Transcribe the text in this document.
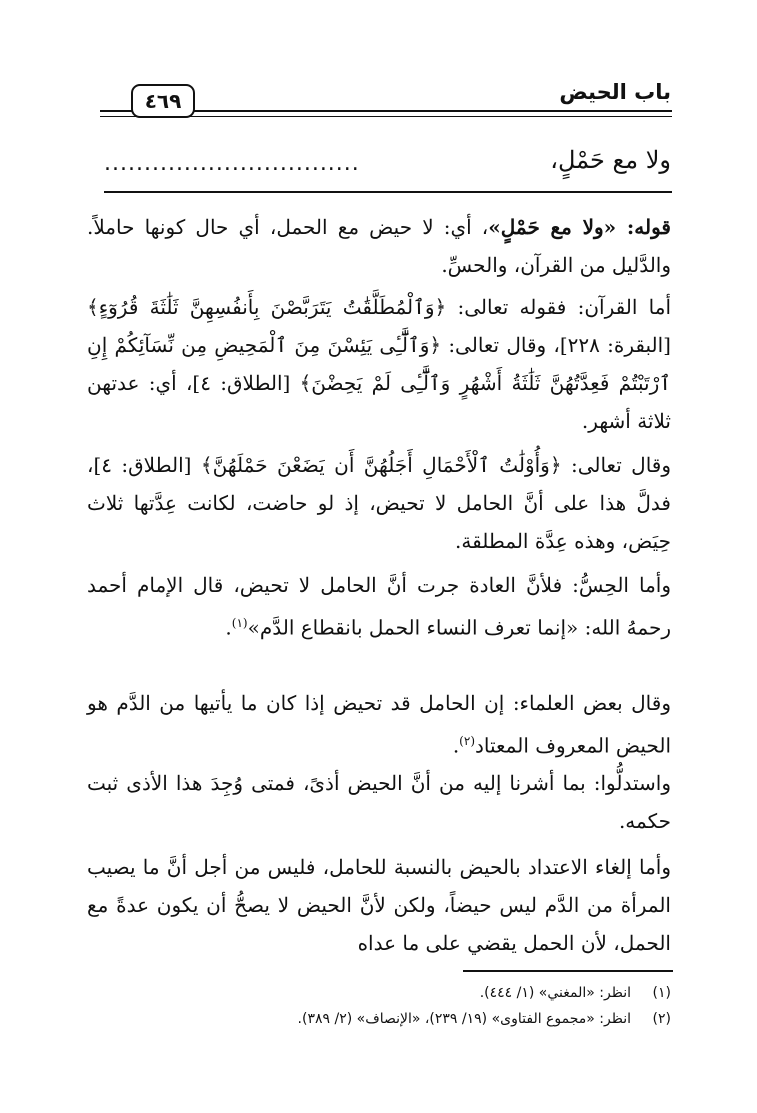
باب الحيض
٤٦٩
ولا مع حَمْلٍ،
................................
قوله: «ولا مع حَمْلٍ»، أي: لا حيض مع الحمل، أي حال كونها حاملاً. والدَّليل من القرآن، والحسِّ.
أما القرآن: فقوله تعالى: ﴿وَٱلْمُطَلَّقَٰتُ يَتَرَبَّصْنَ بِأَنفُسِهِنَّ ثَلَٰثَةَ قُرُوٓءٍ﴾ [البقرة: ٢٢٨]، وقال تعالى: ﴿وَٱلَّٰٓـِٔى يَئِسْنَ مِنَ ٱلْمَحِيضِ مِن نِّسَآئِكُمْ إِنِ ٱرْتَبْتُمْ فَعِدَّتُهُنَّ ثَلَٰثَةُ أَشْهُرٍ وَٱلَّٰٓـِٔى لَمْ يَحِضْنَ﴾ [الطلاق: ٤]، أي: عدتهن ثلاثة أشهر.
وقال تعالى: ﴿وَأُوْلَٰتُ ٱلْأَحْمَالِ أَجَلُهُنَّ أَن يَضَعْنَ حَمْلَهُنَّ﴾ [الطلاق: ٤]، فدلَّ هذا على أنَّ الحامل لا تحيض، إذ لو حاضت، لكانت عِدَّتها ثلاث حِيَض، وهذه عِدَّة المطلقة.
وأما الحِسُّ: فلأنَّ العادة جرت أنَّ الحامل لا تحيض، قال الإمام أحمد رحمهُ الله: «إنما تعرف النساء الحمل بانقطاع الدَّم»$^{(١)}$.
وقال بعض العلماء: إن الحامل قد تحيض إذا كان ما يأتيها من الدَّم هو الحيض المعروف المعتاد$^{(٢)}$.
واستدلُّوا: بما أشرنا إليه من أنَّ الحيض أذىً، فمتى وُجِدَ هذا الأذى ثبت حكمه.
وأما إلغاء الاعتداد بالحيض بالنسبة للحامل، فليس من أجل أنَّ ما يصيب المرأة من الدَّم ليس حيضاً، ولكن لأنَّ الحيض لا يصحُّ أن يكون عدةً مع الحمل، لأن الحمل يقضي على ما عداه
(١)
انظر: «المغني» (١/ ٤٤٤).
(٢)
انظر: «مجموع الفتاوى» (١٩/ ٢٣٩)، «الإنصاف» (٢/ ٣٨٩).
